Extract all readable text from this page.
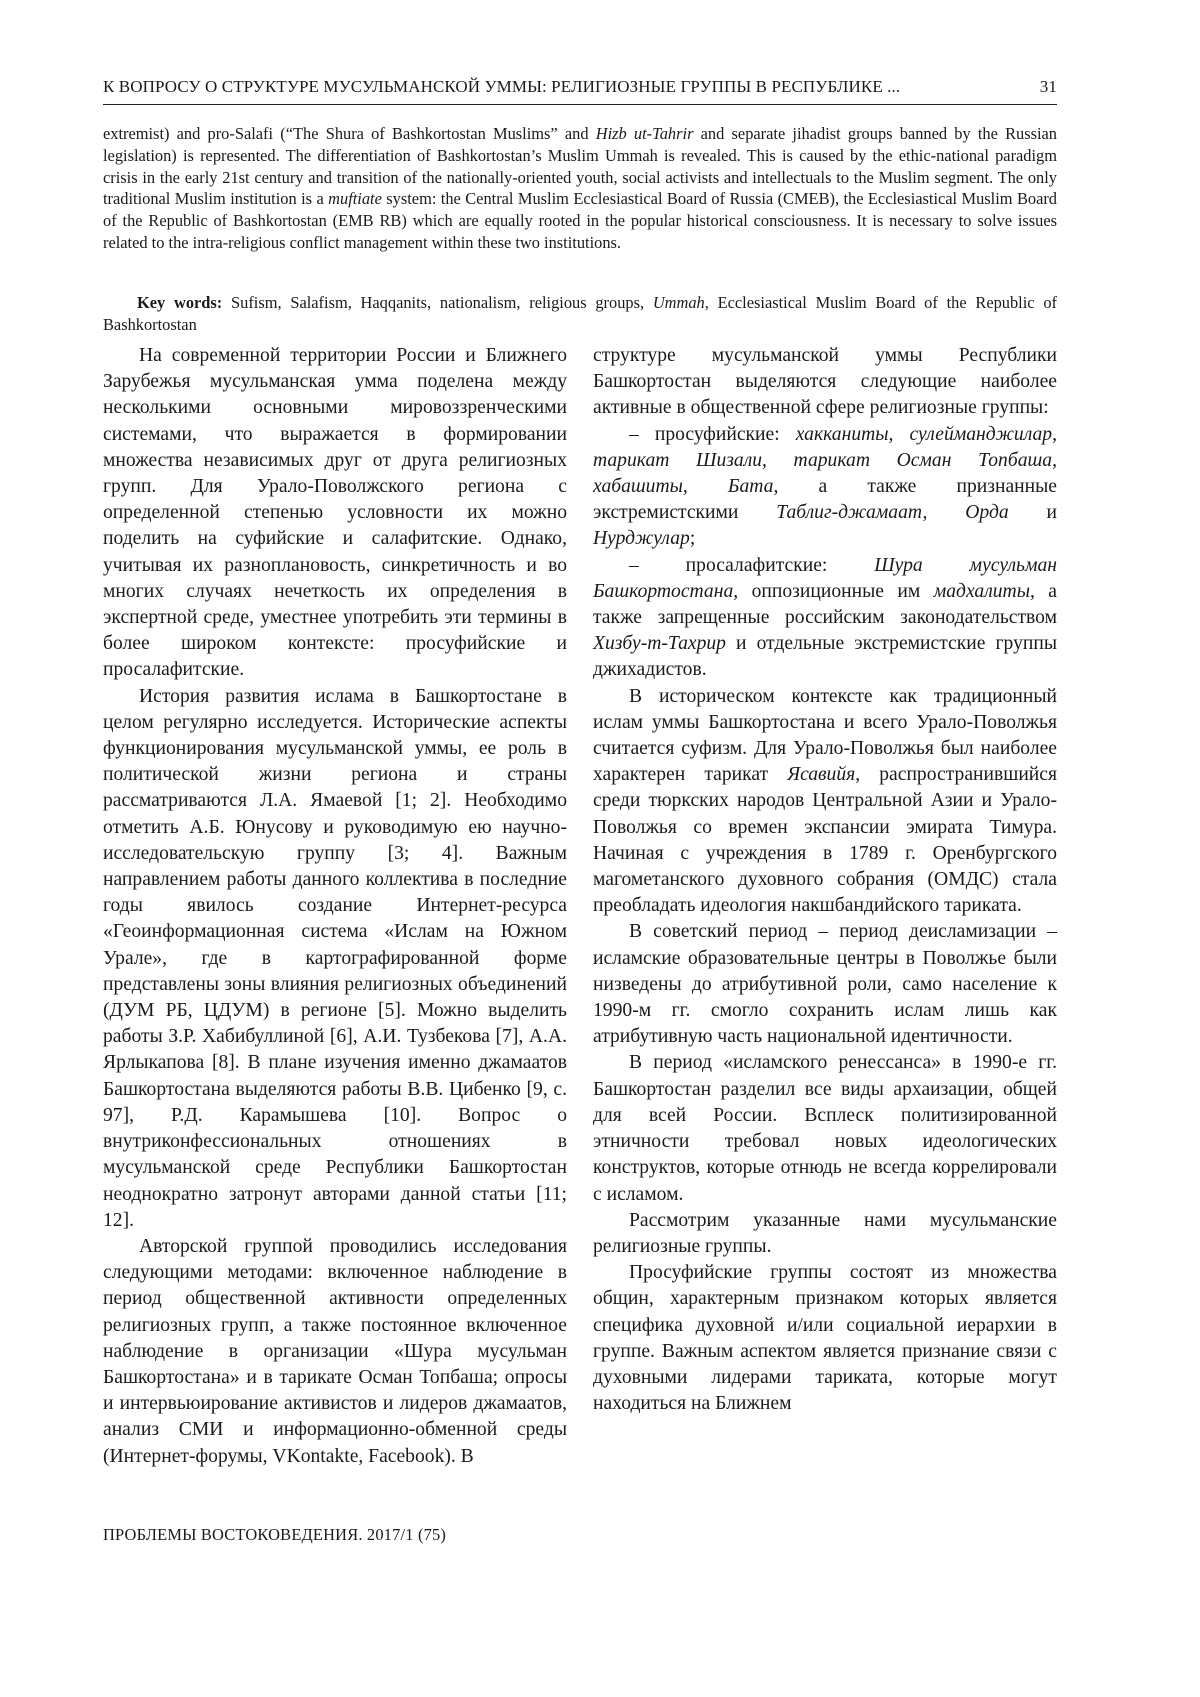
К ВОПРОСУ О СТРУКТУРЕ МУСУЛЬМАНСКОЙ УММЫ: РЕЛИГИОЗНЫЕ ГРУППЫ В РЕСПУБЛИКЕ ...	31

extremist) and pro-Salafi (“The Shura of Bashkortostan Muslims” and Hizb ut-Tahrir and separate jihadist groups banned by the Russian legislation) is represented. The differentiation of Bashkortostan’s Muslim Ummah is revealed. This is caused by the ethic-national paradigm crisis in the early 21st century and transition of the nationally-oriented youth, social activists and intellectuals to the Muslim segment. The only traditional Muslim institution is a muftiate system: the Central Muslim Ecclesiastical Board of Russia (CMEB), the Ecclesiastical Muslim Board of the Republic of Bashkortostan (EMB RB) which are equally rooted in the popular historical consciousness. It is necessary to solve issues related to the intra-religious conflict management within these two institutions.

Key words: Sufism, Salafism, Haqqanits, nationalism, religious groups, Ummah, Ecclesiastical Muslim Board of the Republic of Bashkortostan

На современной территории России и Ближнего Зарубежья мусульманская умма поделена между несколькими основными мировоззренческими системами, что выражается в формировании множества независимых друг от друга религиозных групп. Для Урало-Поволжского региона с определенной степенью условности их можно поделить на суфийские и салафитские. Однако, учитывая их разноплановость, синкретичность и во многих случаях нечеткость их определения в экспертной среде, уместнее употребить эти термины в более широком контексте: просуфийские и просалафитские.

История развития ислама в Башкортостане в целом регулярно исследуется. Исторические аспекты функционирования мусульманской уммы, ее роль в политической жизни региона и страны рассматриваются Л.А. Ямаевой [1; 2]. Необходимо отметить А.Б. Юнусову и руководимую ею научно-исследовательскую группу [3; 4]. Важным направлением работы данного коллектива в последние годы явилось создание Интернет-ресурса «Геоинформационная система «Ислам на Южном Урале», где в картографированной форме представлены зоны влияния религиозных объединений (ДУМ РБ, ЦДУМ) в регионе [5]. Можно выделить работы З.Р. Хабибуллиной [6], А.И. Тузбекова [7], А.А. Ярлыкапова [8]. В плане изучения именно джамаатов Башкортостана выделяются работы В.В. Цибенко [9, с. 97], Р.Д. Карамышева [10]. Вопрос о внутриконфессиональных отношениях в мусульманской среде Республики Башкортостан неоднократно затронут авторами данной статьи [11; 12].

Авторской группой проводились исследования следующими методами: включенное наблюдение в период общественной активности определенных религиозных групп, а также постоянное включенное наблюдение в организации «Шура мусульман Башкортостана» и в тарикате Осман Топбаша; опросы и интервьюирование активистов и лидеров джамаатов, анализ СМИ и информационно-обменной среды (Интернет-форумы, VKontakte, Facebook). В

структуре мусульманской уммы Республики Башкортостан выделяются следующие наиболее активные в общественной сфере религиозные группы:

– просуфийские: хакканиты, сулейманджилар, тарикат Шизали, тарикат Осман Топбаша, хабашиты, Бата, а также признанные экстремистскими Таблиг-джамаат, Орда и Нурджулар;

– просалафитские: Шура мусульман Башкортостана, оппозиционные им мадхалиты, а также запрещенные российским законодательством Хизбу-т-Тахрир и отдельные экстремистские группы джихадистов.

В историческом контексте как традиционный ислам уммы Башкортостана и всего Урало-Поволжья считается суфизм. Для Урало-Поволжья был наиболее характерен тарикат Ясавийя, распространившийся среди тюркских народов Центральной Азии и Урало-Поволжья со времен экспансии эмирата Тимура. Начиная с учреждения в 1789 г. Оренбургского магометанского духовного собрания (ОМДС) стала преобладать идеология накшбандийского тариката.

В советский период – период деисламизации – исламские образовательные центры в Поволжье были низведены до атрибутивной роли, само население к 1990-м гг. смогло сохранить ислам лишь как атрибутивную часть национальной идентичности.

В период «исламского ренессанса» в 1990-е гг. Башкортостан разделил все виды архаизации, общей для всей России. Всплеск политизированной этничности требовал новых идеологических конструктов, которые отнюдь не всегда коррелировали с исламом.

Рассмотрим указанные нами мусульманские религиозные группы.

Просуфийские группы состоят из множества общин, характерным признаком которых является специфика духовной и/или социальной иерархии в группе. Важным аспектом является признание связи с духовными лидерами тариката, которые могут находиться на Ближнем

ПРОБЛЕМЫ ВОСТОКОВЕДЕНИЯ. 2017/1 (75)
